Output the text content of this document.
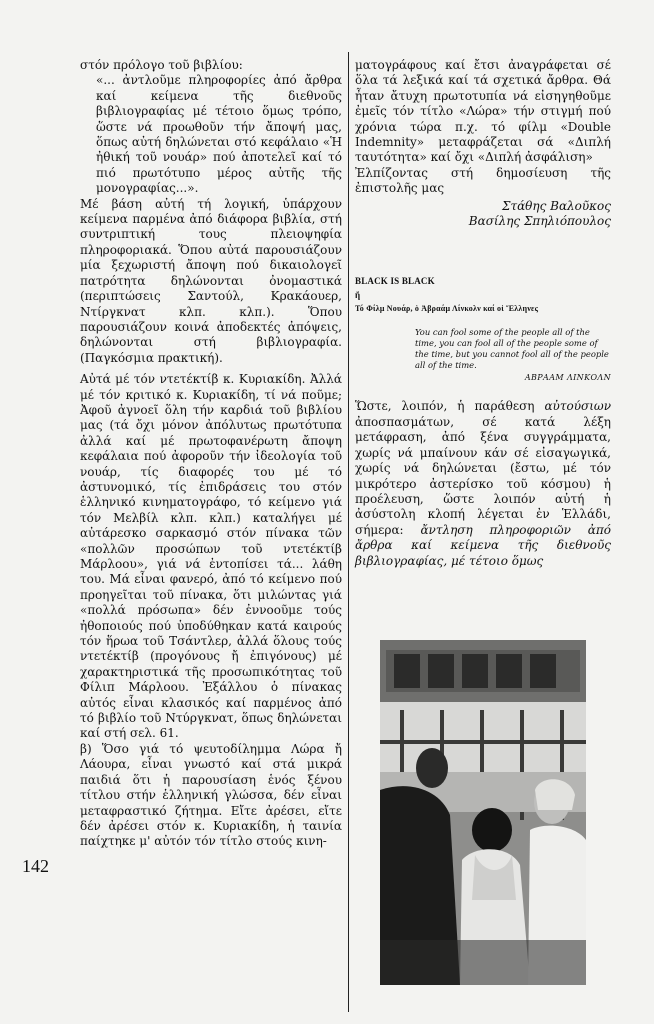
στόν πρόλογο τοῦ βιβλίου:

«... ἀντλοῦμε πληροφορίες ἀπό ἄρθρα καί κείμενα τῆς διεθνοῦς βιβλιογραφίας μέ τέτοιο ὅμως τρόπο, ὥστε νά προωθοῦν τήν ἄποψή μας, ὅπως αὐτή δηλώνεται στό κεφάλαιο «Ἡ ἠθική τοῦ νουάρ» πού ἀποτελεῖ καί τό πιό πρωτότυπο μέρος αὐτῆς τῆς μονογραφίας...».

Μέ βάση αὐτή τή λογική, ὑπάρχουν κείμενα παρμένα ἀπό διάφορα βιβλία, στή συντριπτική τους πλειοψηφία πληροφοριακά. Ὅπου αὐτά παρουσιάζουν μία ξεχωριστή ἄποψη πού δικαιολογεῖ πατρότητα δηλώνονται ὀνομαστικά (περιπτώσεις Σαντούλ, Κρακάουερ, Ντίργκνατ κλπ. κλπ.). Ὅπου παρουσιάζουν κοινά ἀποδεκτές ἀπόψεις, δηλώνονται στή βιβλιογραφία. (Παγκόσμια πρακτική).

Αὐτά μέ τόν ντετέκτίβ κ. Κυριακίδη. Ἀλλά μέ τόν κριτικό κ. Κυριακίδη, τί νά ποῦμε; Ἀφοῦ ἀγνοεῖ ὅλη τήν καρδιά τοῦ βιβλίου μας (τά ὄχι μόνον ἀπόλυτως πρωτότυπα ἀλλά καί μέ πρωτοφανέρωτη ἄποψη κεφάλαια πού ἀφοροῦν τήν ἰδεολογία τοῦ νουάρ, τίς διαφορές του μέ τό ἀστυνομικό, τίς ἐπιδράσεις του στόν ἑλληνικό κινηματογράφο, τό κείμενο γιά τόν Μελβίλ κλπ. κλπ.) καταλήγει μέ αὐτάρεσκο σαρκασμό στόν πίνακα τῶν «πολλῶν προσώπων τοῦ ντετέκτίβ Μάρλοου», γιά νά ἐντοπίσει τά... λάθη του. Μά εἶναι φανερό, ἀπό τό κείμενο πού προηγεῖται τοῦ πίνακα, ὅτι μιλώντας γιά «πολλά πρόσωπα» δέν ἐννοοῦμε τούς ἠθοποιούς πού ὑποδύθηκαν κατά καιρούς τόν ἥρωα τοῦ Τσάντλερ, ἀλλά ὅλους τούς ντετέκτίβ (προγόνους ἤ ἐπιγόνους) μέ χαρακτηριστικά τῆς προσωπικότητας τοῦ Φίλιπ Μάρλοου. Ἐξάλλου ὁ πίνακας αὐτός εἶναι κλασικός καί παρμένος ἀπό τό βιβλίο τοῦ Ντύργκνατ, ὅπως δηλώνεται καί στή σελ. 61.

β) Ὅσο γιά τό ψευτοδίλημμα Λώρα ἤ Λάουρα, εἶναι γνωστό καί στά μικρά παιδιά ὅτι ἡ παρουσίαση ἑνός ξένου τίτλου στήν ἑλληνική γλώσσα, δέν εἶναι μεταφραστικό ζήτημα. Εἴτε ἀρέσει, εἴτε δέν ἀρέσει στόν κ. Κυριακίδη, ἡ ταινία παίχτηκε μ' αὐτόν τόν τίτλο στούς κινη-

ματογράφους καί ἔτσι ἀναγράφεται σέ ὅλα τά λεξικά καί τά σχετικά ἄρθρα. Θά ἦταν ἄτυχη πρωτοτυπία νά εἰσηγηθοῦμε ἐμεῖς τόν τίτλο «Λώρα» τήν στιγμή πού χρόνια τώρα π.χ. τό φίλμ «Double Indemnity» μεταφράζεται σά «Διπλή ταυτότητα» καί ὄχι «Διπλή ἀσφάλιση»

Ἐλπίζοντας στή δημοσίευση τῆς ἐπιστολῆς μας

Στάθης Βαλοῦκος

Βασίλης Σπηλιόπουλος

BLACK IS BLACK

ἤ

Τό Φίλμ Νουάρ, ὁ Ἀβραάμ Λίνκολν καί οἱ Ἕλληνες

You can fool some of the people all of the time, you can fool all of the people some of the time, but you cannot fool all of the people all of the time.

ΑΒΡΑΑΜ ΛΙΝΚΟΛΝ

Ὥστε, λοιπόν, ἡ παράθεση αὐτούσιων ἀποσπασμάτων, σέ κατά λέξη μετάφραση, ἀπό ξένα συγγράμματα, χωρίς νά μπαίνουν κάν σέ εἰσαγωγικά, χωρίς νά δηλώνεται (ἔστω, μέ τόν μικρότερο ἀστερίσκο τοῦ κόσμου) ἡ προέλευση, ὥστε λοιπόν αὐτή ἡ ἀσύστολη κλοπή λέγεται ἐν Ἑλλάδι, σήμερα: ἄντληση πληροφοριῶν ἀπό ἄρθρα καί κείμενα τῆς διεθνοῦς βιβλιογραφίας, μέ τέτοιο ὅμως

142
